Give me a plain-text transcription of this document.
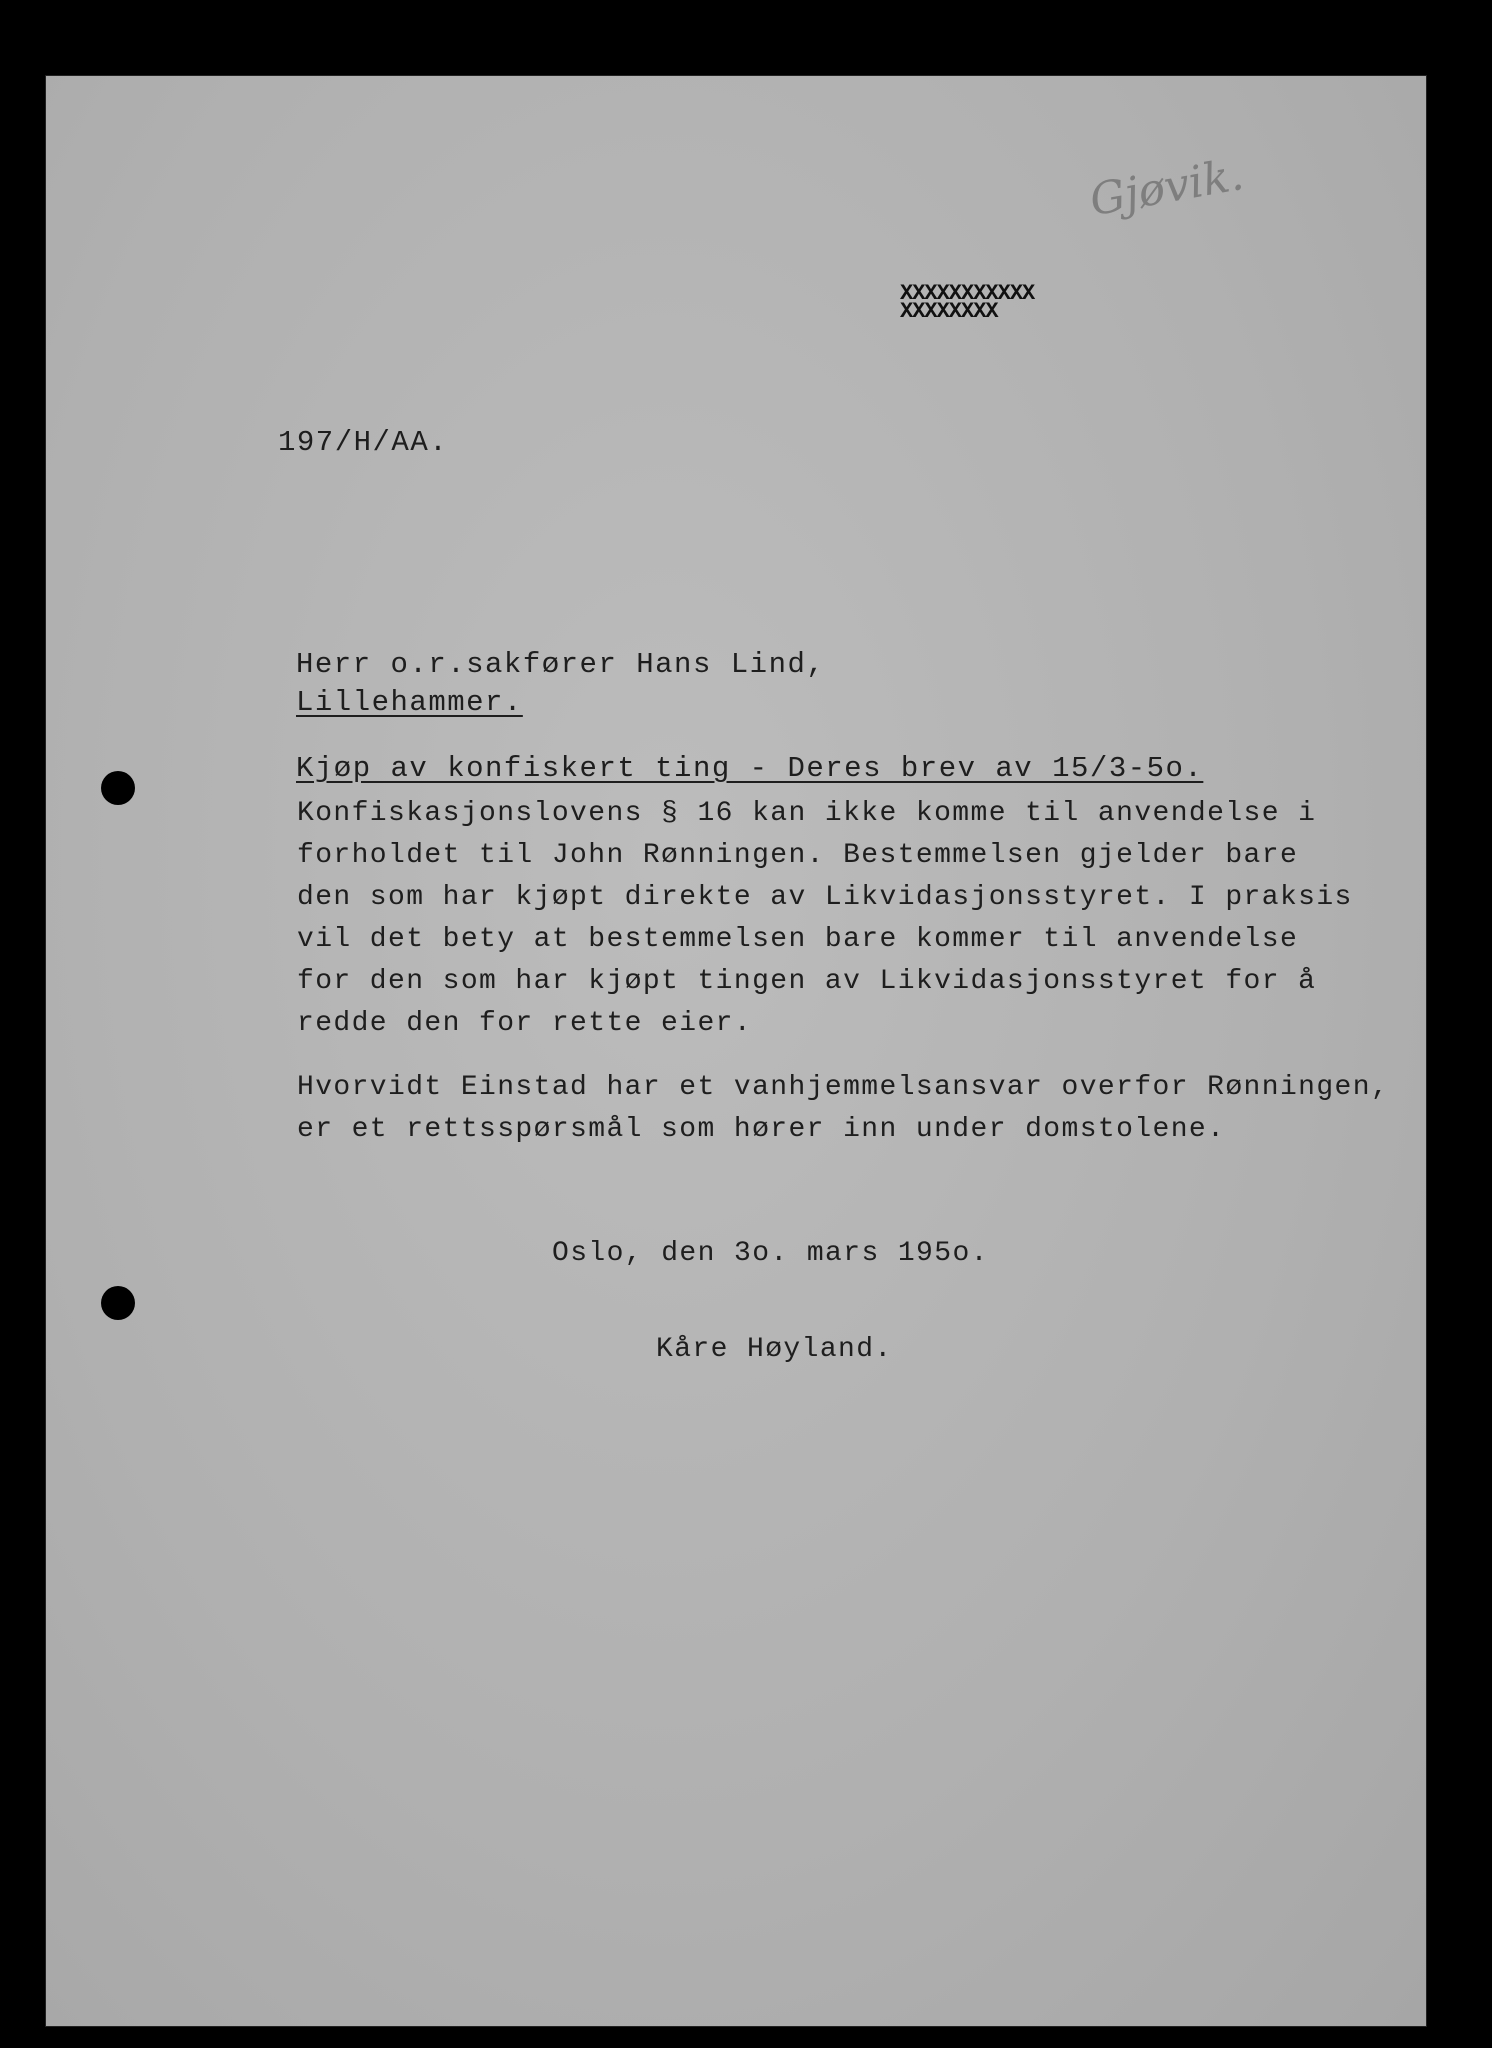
Gjøvik.
XXXXXXXXXXX
XXXXXXXX
197/H/AA.
Herr o.r.sakfører Hans Lind,
Lillehammer.
Kjøp av konfiskert ting - Deres brev av 15/3-5o.
Konfiskasjonslovens § 16 kan ikke komme til anvendelse i
forholdet til John Rønningen. Bestemmelsen gjelder bare
den som har kjøpt direkte av Likvidasjonsstyret. I praksis
vil det bety at bestemmelsen bare kommer til anvendelse
for den som har kjøpt tingen av Likvidasjonsstyret for å
redde den for rette eier.
Hvorvidt Einstad har et vanhjemmelsansvar overfor Rønningen,
er et rettsspørsmål som hører inn under domstolene.
Oslo, den 3o. mars 195o.
Kåre Høyland.
